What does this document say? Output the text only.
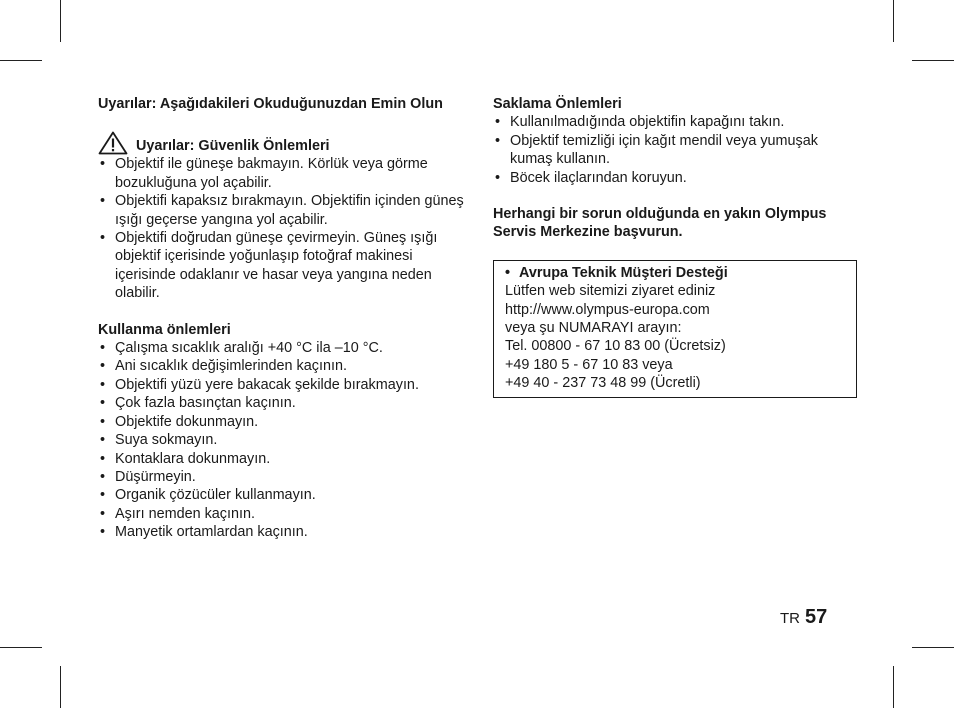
Uyarılar: Aşağıdakileri Okuduğunuzdan Emin Olun

Uyarılar: Güvenlik Önlemleri
• Objektif ile güneşe bakmayın. Körlük veya görme bozukluğuna yol açabilir.
• Objektifi kapaksız bırakmayın. Objektifin içinden güneş ışığı geçerse yangına yol açabilir.
• Objektifi doğrudan güneşe çevirmeyin. Güneş ışığı objektif içerisinde yoğunlaşıp fotoğraf makinesi içerisinde odaklanır ve hasar veya yangına neden olabilir.

Kullanma önlemleri

• Çalışma sıcaklık aralığı +40 °C ila –10 °C.
• Ani sıcaklık değişimlerinden kaçının.
• Objektifi yüzü yere bakacak şekilde bırakmayın.
• Çok fazla basınçtan kaçının.
• Objektife dokunmayın.
• Suya sokmayın.
• Kontaklara dokunmayın.
• Düşürmeyin.
• Organik çözücüler kullanmayın.
• Aşırı nemden kaçının.
• Manyetik ortamlardan kaçının.

Saklama Önlemleri

• Kullanılmadığında objektifin kapağını takın.
• Objektif temizliği için kağıt mendil veya yumuşak kumaş kullanın.
• Böcek ilaçlarından koruyun.

Herhangi bir sorun olduğunda en yakın Olympus Servis Merkezine başvurun.

• Avrupa Teknik Müşteri Desteği
Lütfen web sitemizi ziyaret ediniz
http://www.olympus-europa.com
veya şu NUMARAYI arayın:
Tel. 00800 - 67 10 83 00 (Ücretsiz)
+49 180 5 - 67 10 83 veya
+49 40 - 237 73 48 99 (Ücretli)
TR 57
